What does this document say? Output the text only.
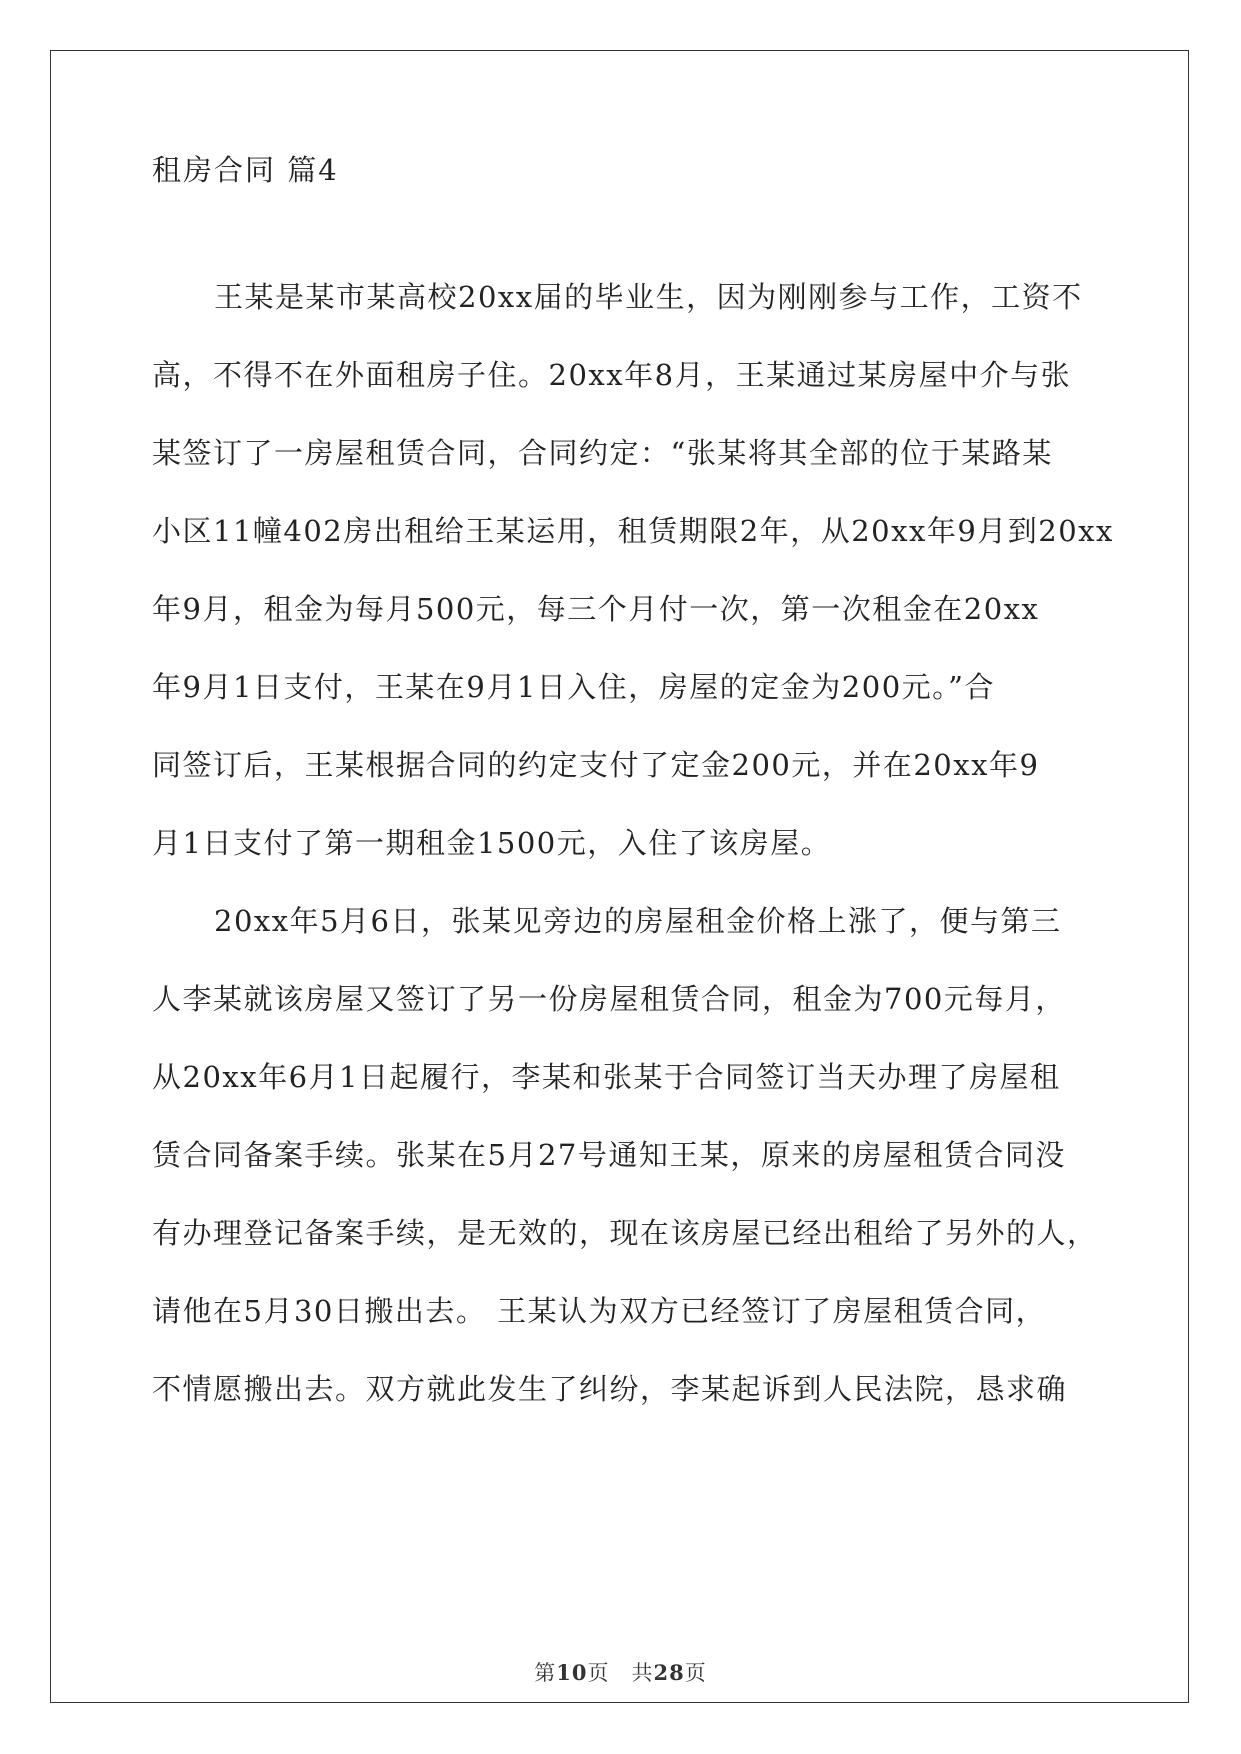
租房合同 篇4

王某是某市某高校20xx届的毕业生，因为刚刚参与工作，工资不
高，不得不在外面租房子住。20xx年8月，王某通过某房屋中介与张
某签订了一房屋租赁合同，合同约定：“张某将其全部的位于某路某
小区11幢402房出租给王某运用，租赁期限2年，从20xx年9月到20xx
年9月，租金为每月500元，每三个月付一次，第一次租金在20xx
年9月1日支付，王某在9月1日入住，房屋的定金为200元。”合
同签订后，王某根据合同的约定支付了定金200元，并在20xx年9
月1日支付了第一期租金1500元，入住了该房屋。

20xx年5月6日，张某见旁边的房屋租金价格上涨了，便与第三
人李某就该房屋又签订了另一份房屋租赁合同，租金为700元每月，
从20xx年6月1日起履行，李某和张某于合同签订当天办理了房屋租
赁合同备案手续。张某在5月27号通知王某，原来的房屋租赁合同没
有办理登记备案手续，是无效的，现在该房屋已经出租给了另外的人，
请他在5月30日搬出去。 王某认为双方已经签订了房屋租赁合同，
不情愿搬出去。双方就此发生了纠纷，李某起诉到人民法院，恳求确

第10页　共28页
